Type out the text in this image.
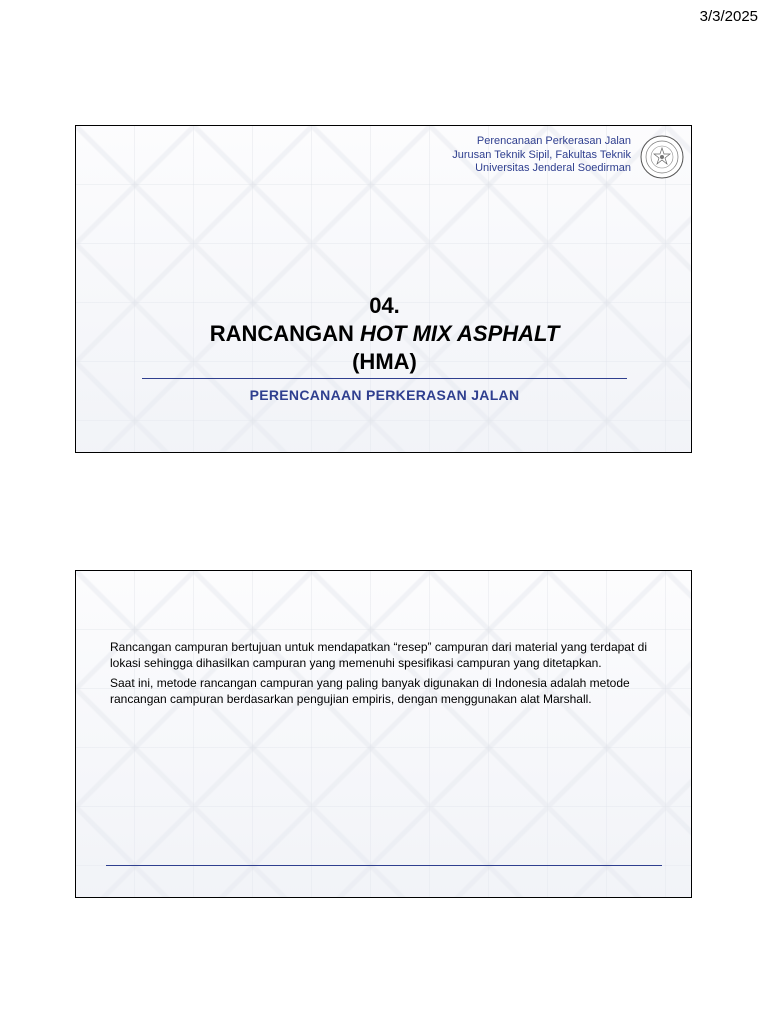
3/3/2025
Perencanaan Perkerasan Jalan
Jurusan Teknik Sipil, Fakultas Teknik
Universitas Jenderal Soedirman
04.
RANCANGAN HOT MIX ASPHALT
(HMA)
PERENCANAAN PERKERASAN JALAN

Rancangan campuran bertujuan untuk mendapatkan “resep” campuran dari material yang terdapat di lokasi sehingga dihasilkan campuran yang memenuhi spesifikasi campuran yang ditetapkan.

Saat ini, metode rancangan campuran yang paling banyak digunakan di Indonesia adalah metode rancangan campuran berdasarkan pengujian empiris, dengan menggunakan alat Marshall.
